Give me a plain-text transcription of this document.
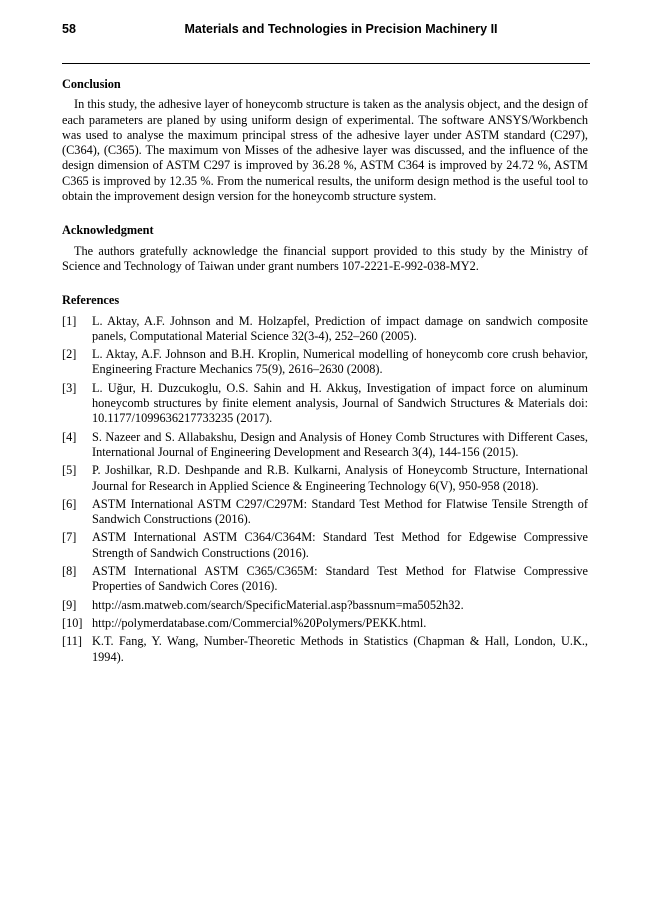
58	Materials and Technologies in Precision Machinery II
Conclusion

In this study, the adhesive layer of honeycomb structure is taken as the analysis object, and the design of each parameters are planed by using uniform design of experimental. The software ANSYS/Workbench was used to analyse the maximum principal stress of the adhesive layer under ASTM standard (C297), (C364), (C365). The maximum von Misses of the adhesive layer was discussed, and the influence of the design dimension of ASTM C297 is improved by 36.28 %, ASTM C364 is improved by 24.72 %, ASTM C365 is improved by 12.35 %. From the numerical results, the uniform design method is the useful tool to obtain the improvement design version for the honeycomb structure system.

Acknowledgment

The authors gratefully acknowledge the financial support provided to this study by the Ministry of Science and Technology of Taiwan under grant numbers 107-2221-E-992-038-MY2.

References
[1]	L. Aktay, A.F. Johnson and M. Holzapfel, Prediction of impact damage on sandwich composite panels, Computational Material Science 32(3-4), 252–260 (2005).
[2]	L. Aktay, A.F. Johnson and B.H. Kroplin, Numerical modelling of honeycomb core crush behavior, Engineering Fracture Mechanics 75(9), 2616–2630 (2008).
[3]	L. Uğur, H. Duzcukoglu, O.S. Sahin and H. Akkuş, Investigation of impact force on aluminum honeycomb structures by finite element analysis, Journal of Sandwich Structures & Materials doi: 10.1177/1099636217733235 (2017).
[4]	S. Nazeer and S. Allabakshu, Design and Analysis of Honey Comb Structures with Different Cases, International Journal of Engineering Development and Research 3(4), 144-156 (2015).
[5]	P. Joshilkar, R.D. Deshpande and R.B. Kulkarni, Analysis of Honeycomb Structure, International Journal for Research in Applied Science & Engineering Technology 6(V), 950-958 (2018).
[6]	ASTM International ASTM C297/C297M: Standard Test Method for Flatwise Tensile Strength of Sandwich Constructions (2016).
[7]	ASTM International ASTM C364/C364M: Standard Test Method for Edgewise Compressive Strength of Sandwich Constructions (2016).
[8]	ASTM International ASTM C365/C365M: Standard Test Method for Flatwise Compressive Properties of Sandwich Cores (2016).
[9]	http://asm.matweb.com/search/SpecificMaterial.asp?bassnum=ma5052h32.
[10] http://polymerdatabase.com/Commercial%20Polymers/PEKK.html.
[11] K.T. Fang, Y. Wang, Number-Theoretic Methods in Statistics (Chapman & Hall, London, U.K., 1994).
